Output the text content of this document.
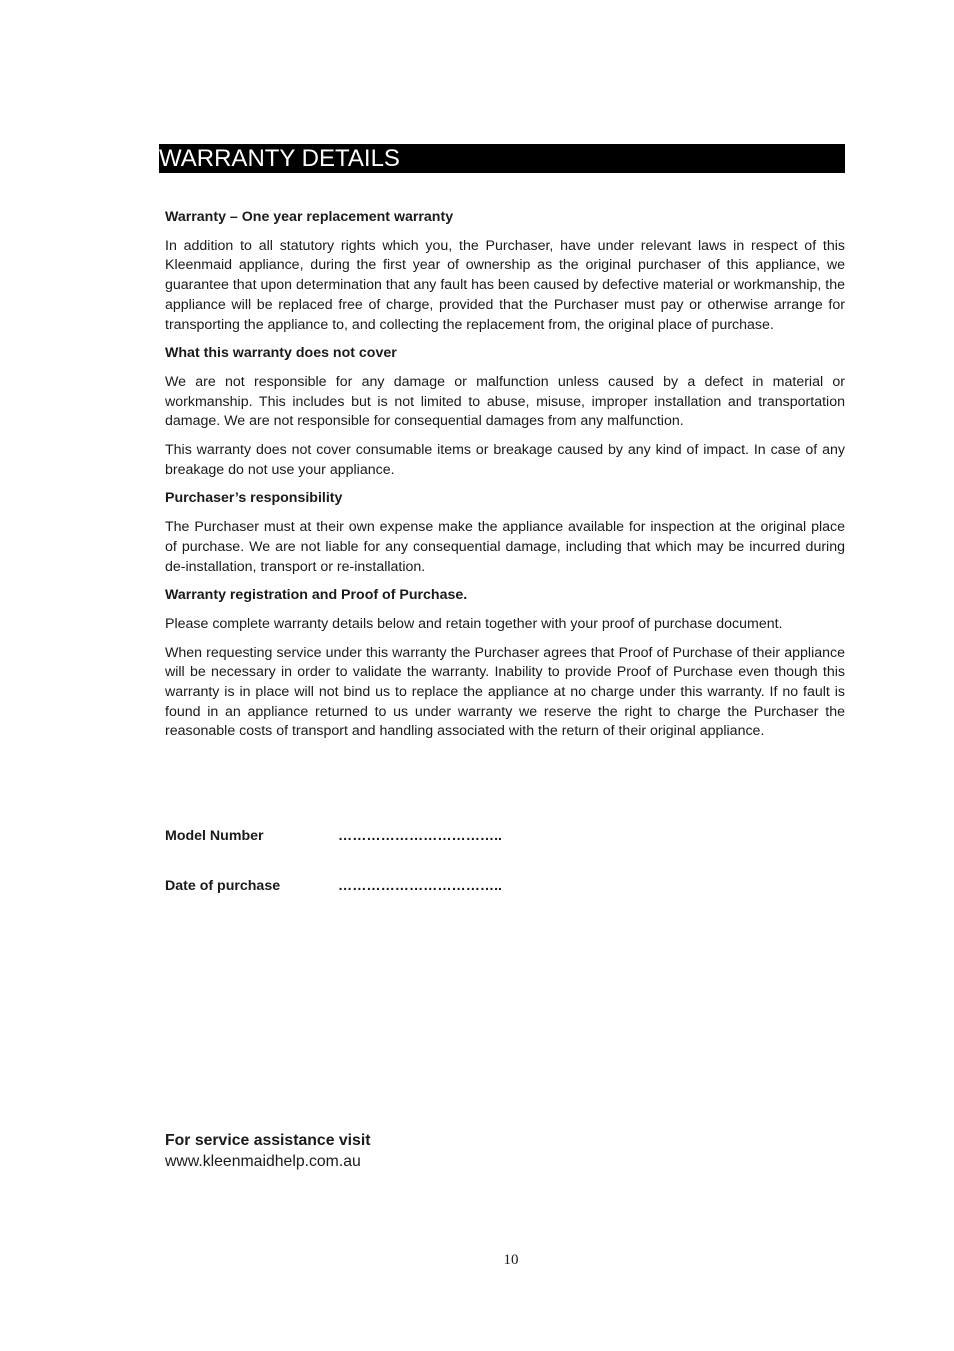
WARRANTY DETAILS
Warranty – One year replacement warranty

In addition to all statutory rights which you, the Purchaser, have under relevant laws in respect of this Kleenmaid appliance, during the first year of ownership as the original purchaser of this appliance, we guarantee that upon determination that any fault has been caused by defective material or workmanship, the appliance will be replaced free of charge, provided that the Purchaser must pay or otherwise arrange for transporting the appliance to, and collecting the replacement from, the original place of purchase.

What this warranty does not cover

We are not responsible for any damage or malfunction unless caused by a defect in material or workmanship. This includes but is not limited to abuse, misuse, improper installation and transportation damage. We are not responsible for consequential damages from any malfunction.

This warranty does not cover consumable items or breakage caused by any kind of impact. In case of any breakage do not use your appliance.

Purchaser’s responsibility

The Purchaser must at their own expense make the appliance available for inspection at the original place of purchase. We are not liable for any consequential damage, including that which may be incurred during de-installation, transport or re-installation.

Warranty registration and Proof of Purchase.

Please complete warranty details below and retain together with your proof of purchase document.

When requesting service under this warranty the Purchaser agrees that Proof of Purchase of their appliance will be necessary in order to validate the warranty. Inability to provide Proof of Purchase even though this warranty is in place will not bind us to replace the appliance at no charge under this warranty. If no fault is found in an appliance returned to us under warranty we reserve the right to charge the Purchaser the reasonable costs of transport and handling associated with the return of their original appliance.

Model Number	……………………………..
Date of purchase	……………………………..
For service assistance visit
www.kleenmaidhelp.com.au
10
